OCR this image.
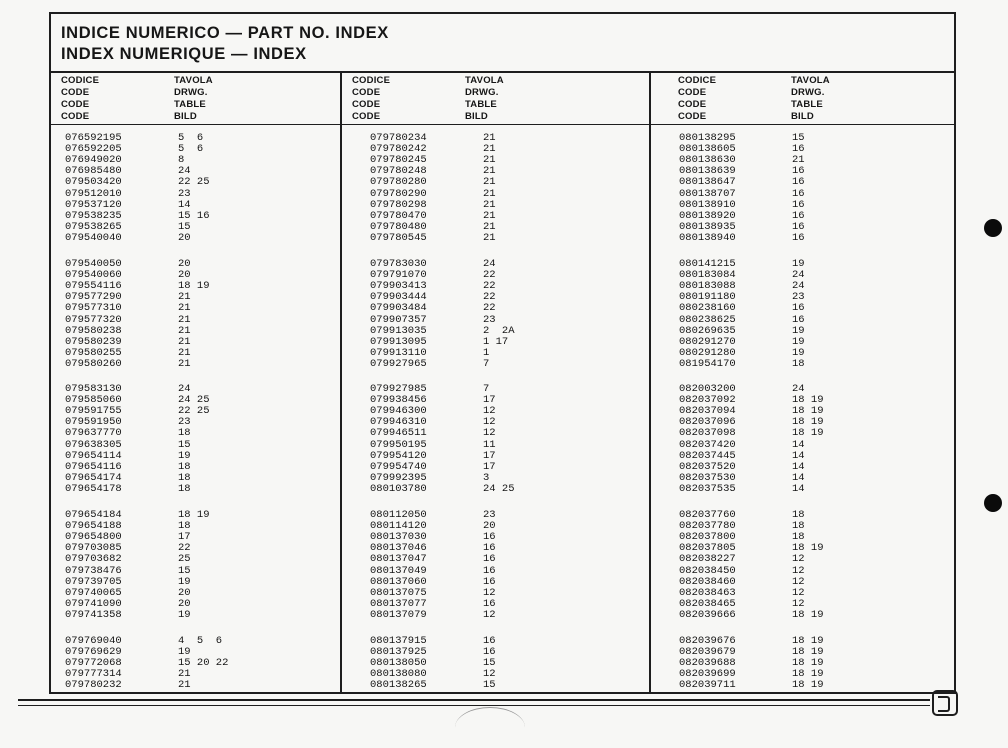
INDICE NUMERICO — PART NO. INDEX
INDEX NUMERIQUE — INDEX
CODICE
CODE
CODE
CODE
TAVOLA
DRWG.
TABLE
BILD
CODICE
CODE
CODE
CODE
TAVOLA
DRWG.
TABLE
BILD
CODICE
CODE
CODE
CODE
TAVOLA
DRWG.
TABLE
BILD
076592195	5  6
076592205	5  6
076949020	8
076985480	24
079503420	22 25
079512010	23
079537120	14
079538235	15 16
079538265	15
079540040	20
079540050	20
079540060	20
079554116	18 19
079577290	21
079577310	21
079577320	21
079580238	21
079580239	21
079580255	21
079580260	21
079583130	24
079585060	24 25
079591755	22 25
079591950	23
079637770	18
079638305	15
079654114	19
079654116	18
079654174	18
079654178	18
079654184	18 19
079654188	18
079654800	17
079703085	22
079703682	25
079738476	15
079739705	19
079740065	20
079741090	20
079741358	19
079769040	4  5  6
079769629	19
079772068	15 20 22
079777314	21
079780232	21
079780234	21
079780242	21
079780245	21
079780248	21
079780280	21
079780290	21
079780298	21
079780470	21
079780480	21
079780545	21
079783030	24
079791070	22
079903413	22
079903444	22
079903484	22
079907357	23
079913035	2  2A
079913095	1 17
079913110	1
079927965	7
079927985	7
079938456	17
079946300	12
079946310	12
079946511	12
079950195	11
079954120	17
079954740	17
079992395	3
080103780	24 25
080112050	23
080114120	20
080137030	16
080137046	16
080137047	16
080137049	16
080137060	16
080137075	12
080137077	16
080137079	12
080137915	16
080137925	16
080138050	15
080138080	12
080138265	15
080138295	15
080138605	16
080138630	21
080138639	16
080138647	16
080138707	16
080138910	16
080138920	16
080138935	16
080138940	16
080141215	19
080183084	24
080183088	24
080191180	23
080238160	16
080238625	16
080269635	19
080291270	19
080291280	19
081954170	18
082003200	24
082037092	18 19
082037094	18 19
082037096	18 19
082037098	18 19
082037420	14
082037445	14
082037520	14
082037530	14
082037535	14
082037760	18
082037780	18
082037800	18
082037805	18 19
082038227	12
082038450	12
082038460	12
082038463	12
082038465	12
082039666	18 19
082039676	18 19
082039679	18 19
082039688	18 19
082039699	18 19
082039711	18 19
